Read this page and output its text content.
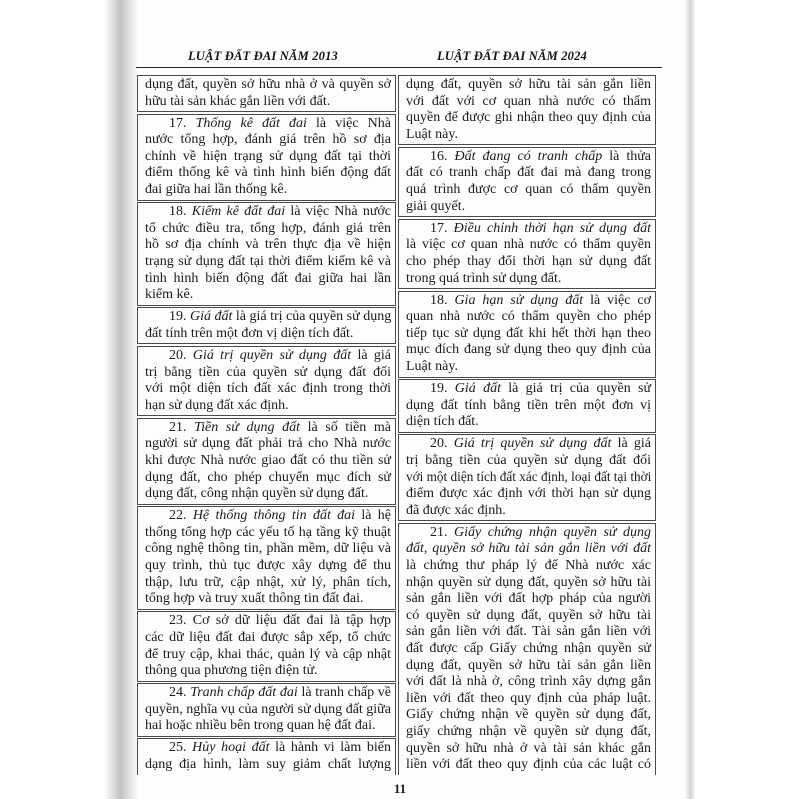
LUẬT ĐẤT ĐAI NĂM 2013	LUẬT ĐẤT ĐAI NĂM 2024
dụng đất, quyền sở hữu nhà ở và quyền sở
hữu tài sản khác gắn liền với đất.
17. Thống kê đất đai là việc Nhà
nước tổng hợp, đánh giá trên hồ sơ địa
chính về hiện trạng sử dụng đất tại thời
điểm thống kê và tình hình biến động đất
đai giữa hai lần thống kê.
18. Kiểm kê đất đai là việc Nhà nước
tổ chức điều tra, tổng hợp, đánh giá trên
hồ sơ địa chính và trên thực địa về hiện
trạng sử dụng đất tại thời điểm kiểm kê và
tình hình biến động đất đai giữa hai lần
kiểm kê.
19. Giá đất là giá trị của quyền sử dụng
đất tính trên một đơn vị diện tích đất.
20. Giá trị quyền sử dụng đất là giá
trị bằng tiền của quyền sử dụng đất đối
với một diện tích đất xác định trong thời
hạn sử dụng đất xác định.
21. Tiền sử dụng đất là số tiền mà
người sử dụng đất phải trả cho Nhà nước
khi được Nhà nước giao đất có thu tiền sử
dụng đất, cho phép chuyển mục đích sử
dụng đất, công nhận quyền sử dụng đất.
22. Hệ thống thông tin đất đai là hệ
thống tổng hợp các yếu tố hạ tầng kỹ thuật
công nghệ thông tin, phần mềm, dữ liệu và
quy trình, thủ tục được xây dựng để thu
thập, lưu trữ, cập nhật, xử lý, phân tích,
tổng hợp và truy xuất thông tin đất đai.
23. Cơ sở dữ liệu đất đai là tập hợp
các dữ liệu đất đai được sắp xếp, tổ chức
để truy cập, khai thác, quản lý và cập nhật
thông qua phương tiện điện tử.
24. Tranh chấp đất đai là tranh chấp về
quyền, nghĩa vụ của người sử dụng đất giữa
hai hoặc nhiều bên trong quan hệ đất đai.
25. Hủy hoại đất là hành vi làm biến
dạng địa hình, làm suy giảm chất lượng
dụng đất, quyền sở hữu tài sản gắn liền
với đất với cơ quan nhà nước có thẩm
quyền để được ghi nhận theo quy định của
Luật này.
16. Đất đang có tranh chấp là thửa
đất có tranh chấp đất đai mà đang trong
quá trình được cơ quan có thẩm quyền
giải quyết.
17. Điều chỉnh thời hạn sử dụng đất
là việc cơ quan nhà nước có thẩm quyền
cho phép thay đổi thời hạn sử dụng đất
trong quá trình sử dụng đất.
18. Gia hạn sử dụng đất là việc cơ
quan nhà nước có thẩm quyền cho phép
tiếp tục sử dụng đất khi hết thời hạn theo
mục đích đang sử dụng theo quy định của
Luật này.
19. Giá đất là giá trị của quyền sử
dụng đất tính bằng tiền trên một đơn vị
diện tích đất.
20. Giá trị quyền sử dụng đất là giá
trị bằng tiền của quyền sử dụng đất đối
với một diện tích đất xác định, loại đất tại thời
điểm được xác định với thời hạn sử dụng
đã được xác định.
21. Giấy chứng nhận quyền sử dụng
đất, quyền sở hữu tài sản gắn liền với đất
là chứng thư pháp lý để Nhà nước xác
nhận quyền sử dụng đất, quyền sở hữu tài
sản gắn liền với đất hợp pháp của người
có quyền sử dụng đất, quyền sở hữu tài
sản gắn liền với đất. Tài sản gắn liền với
đất được cấp Giấy chứng nhận quyền sử
dụng đất, quyền sở hữu tài sản gắn liền
với đất là nhà ở, công trình xây dựng gắn
liền với đất theo quy định của pháp luật.
Giấy chứng nhận về quyền sử dụng đất,
giấy chứng nhận về quyền sử dụng đất,
quyền sở hữu nhà ở và tài sản khác gắn
liền với đất theo quy định của các luật có
11
